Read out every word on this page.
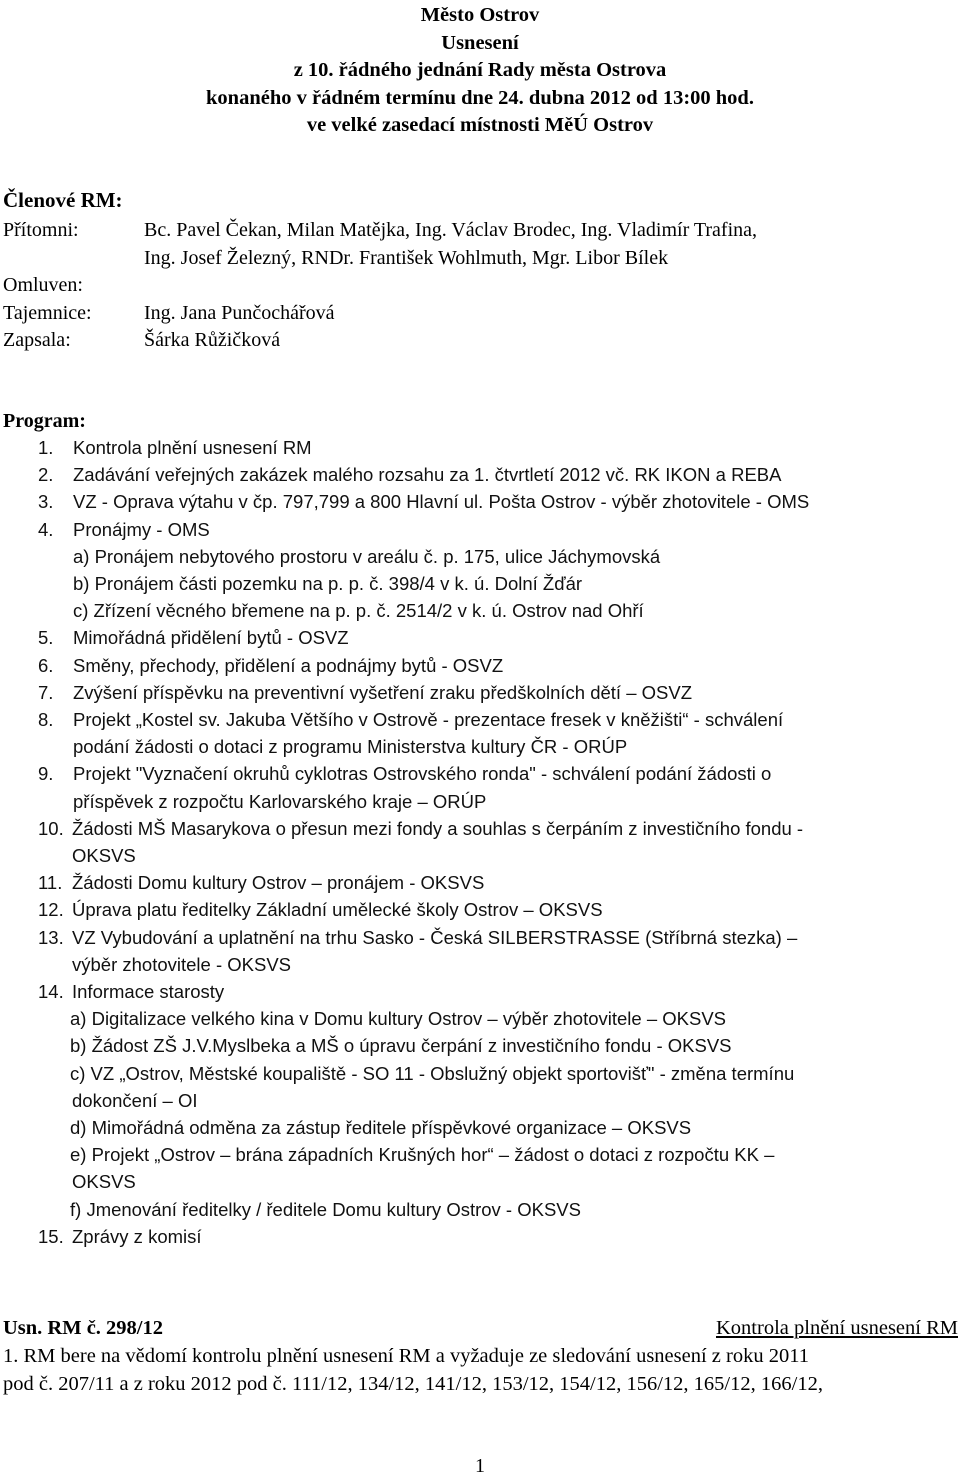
Město Ostrov
Usnesení
z 10. řádného jednání Rady města Ostrova
konaného v řádném termínu dne 24. dubna 2012 od 13:00 hod.
ve velké zasedací místnosti MěÚ Ostrov
Členové RM:
Přítomni:	Bc. Pavel Čekan, Milan Matějka, Ing. Václav Brodec, Ing. Vladimír Trafina,
Ing. Josef Železný, RNDr. František Wohlmuth, Mgr. Libor Bílek
Omluven:
Tajemnice:	Ing. Jana Punčochářová
Zapsala:	Šárka Růžičková
Program:
1. Kontrola plnění usnesení RM
2. Zadávání veřejných zakázek malého rozsahu za 1. čtvrtletí 2012 vč. RK IKON a REBA
3. VZ - Oprava výtahu v čp. 797,799 a 800 Hlavní ul. Pošta Ostrov - výběr zhotovitele - OMS
4. Pronájmy - OMS
a) Pronájem nebytového prostoru v areálu č. p. 175, ulice Jáchymovská
b) Pronájem části pozemku na p. p. č. 398/4 v k. ú. Dolní Žďár
c) Zřízení věcného břemene na p. p. č. 2514/2 v k. ú. Ostrov nad Ohří
5. Mimořádná přidělení bytů - OSVZ
6. Směny, přechody, přidělení a podnájmy bytů - OSVZ
7. Zvýšení příspěvku na preventivní vyšetření zraku předškolních dětí – OSVZ
8. Projekt „Kostel sv. Jakuba Většího v Ostrově - prezentace fresek v kněžišti“ - schválení
podání žádosti o dotaci z programu Ministerstva kultury ČR - ORÚP
9. Projekt "Vyznačení okruhů cyklotras Ostrovského ronda" - schválení podání žádosti o
příspěvek z rozpočtu Karlovarského kraje – ORÚP
10. Žádosti MŠ Masarykova o přesun mezi fondy a souhlas s čerpáním z investičního fondu -
OKSVS
11. Žádosti Domu kultury Ostrov – pronájem - OKSVS
12. Úprava platu ředitelky Základní umělecké školy Ostrov – OKSVS
13. VZ Vybudování a uplatnění na trhu Sasko - Česká SILBERSTRASSE (Stříbrná stezka) –
výběr zhotovitele - OKSVS
14. Informace starosty
a) Digitalizace velkého kina v Domu kultury Ostrov – výběr zhotovitele – OKSVS
b) Žádost ZŠ J.V.Myslbeka a MŠ o úpravu čerpání z investičního fondu - OKSVS
c) VZ „Ostrov, Městské koupaliště - SO 11 - Obslužný objekt sportovišť" - změna termínu
dokončení – OI
d) Mimořádná odměna za zástup ředitele příspěvkové organizace – OKSVS
e) Projekt „Ostrov – brána západních Krušných hor“ – žádost o dotaci z rozpočtu KK –
OKSVS
f) Jmenování ředitelky / ředitele Domu kultury Ostrov - OKSVS
15. Zprávy z komisí
Usn. RM č. 298/12	Kontrola plnění usnesení RM
1. RM bere na vědomí kontrolu plnění usnesení RM a vyžaduje ze sledování usnesení z roku 2011
pod č. 207/11 a z roku 2012 pod č. 111/12, 134/12, 141/12, 153/12, 154/12, 156/12, 165/12, 166/12,
1
